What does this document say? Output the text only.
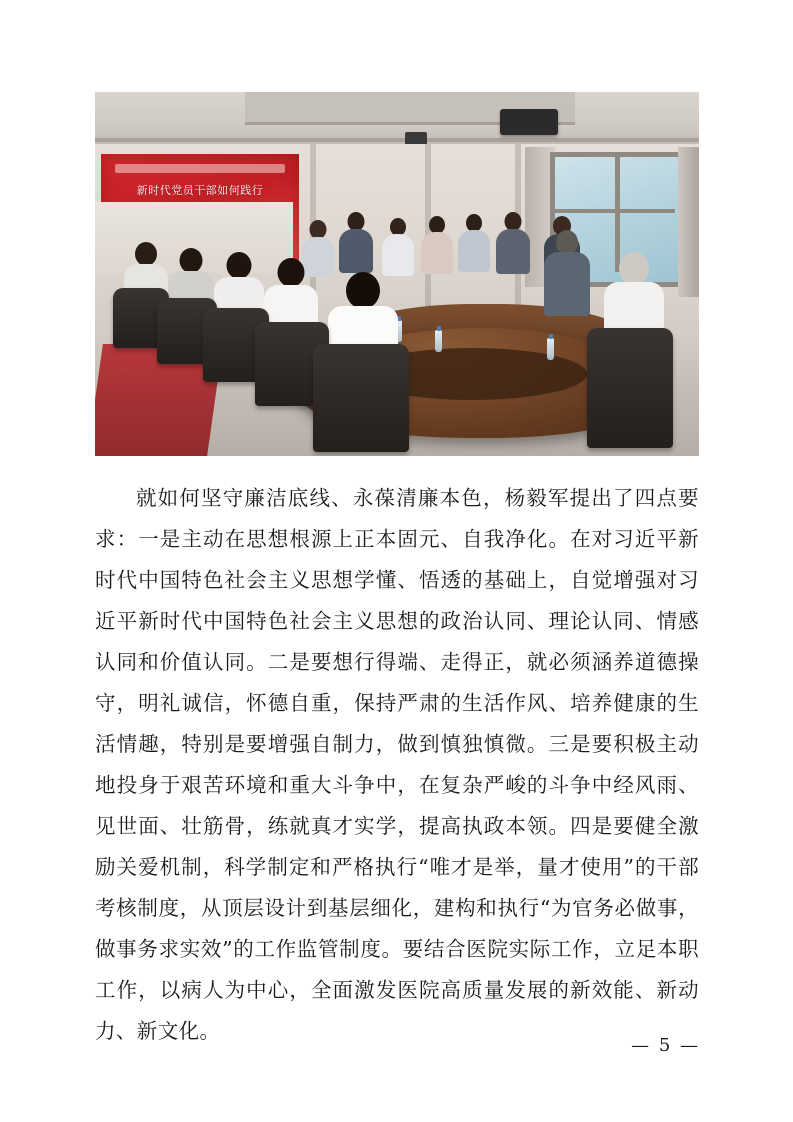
新时代党员干部如何践行

就如何坚守廉洁底线、永葆清廉本色，杨毅军提出了四点要求：一是主动在思想根源上正本固元、自我净化。在对习近平新时代中国特色社会主义思想学懂、悟透的基础上，自觉增强对习近平新时代中国特色社会主义思想的政治认同、理论认同、情感认同和价值认同。二是要想行得端、走得正，就必须涵养道德操守，明礼诚信，怀德自重，保持严肃的生活作风、培养健康的生活情趣，特别是要增强自制力，做到慎独慎微。三是要积极主动地投身于艰苦环境和重大斗争中，在复杂严峻的斗争中经风雨、见世面、壮筋骨，练就真才实学，提高执政本领。四是要健全激励关爱机制，科学制定和严格执行“唯才是举，量才使用”的干部考核制度，从顶层设计到基层细化，建构和执行“为官务必做事，做事务求实效”的工作监管制度。要结合医院实际工作，立足本职工作，以病人为中心，全面激发医院高质量发展的新效能、新动力、新文化。

— 5 —
